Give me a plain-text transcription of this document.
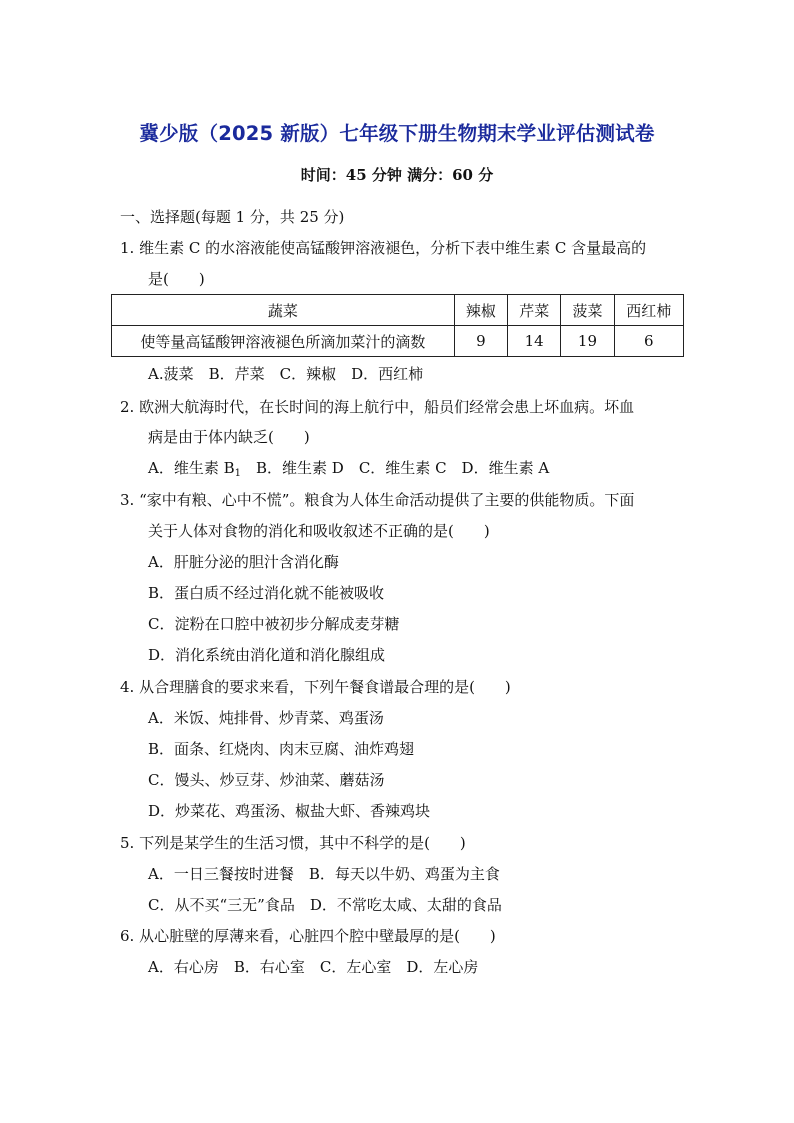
冀少版（2025 新版）七年级下册生物期末学业评估测试卷
时间：45 分钟 满分：60 分
一、选择题(每题 1 分，共 25 分)
1. 维生素 C 的水溶液能使高锰酸钾溶液褪色，分析下表中维生素 C 含量最高的
是(　　)
蔬菜	辣椒	芹菜	菠菜	西红柿
使等量高锰酸钾溶液褪色所滴加菜汁的滴数	9	14	19	6
A.菠菜　B．芹菜　C．辣椒　D．西红柿
2. 欧洲大航海时代，在长时间的海上航行中，船员们经常会患上坏血病。坏血
病是由于体内缺乏(　　)
A．维生素 $B_1$　B．维生素 D　C．维生素 C　D．维生素 A
3. “家中有粮、心中不慌”。粮食为人体生命活动提供了主要的供能物质。下面
关于人体对食物的消化和吸收叙述不正确的是(　　)
A．肝脏分泌的胆汁含消化酶
B．蛋白质不经过消化就不能被吸收
C．淀粉在口腔中被初步分解成麦芽糖
D．消化系统由消化道和消化腺组成
4. 从合理膳食的要求来看，下列午餐食谱最合理的是(　　)
A．米饭、炖排骨、炒青菜、鸡蛋汤
B．面条、红烧肉、肉末豆腐、油炸鸡翅
C．馒头、炒豆芽、炒油菜、蘑菇汤
D．炒菜花、鸡蛋汤、椒盐大虾、香辣鸡块
5. 下列是某学生的生活习惯，其中不科学的是(　　)
A．一日三餐按时进餐　B．每天以牛奶、鸡蛋为主食
C．从不买“三无”食品　D．不常吃太咸、太甜的食品
6. 从心脏壁的厚薄来看，心脏四个腔中壁最厚的是(　　)
A．右心房　B．右心室　C．左心室　D．左心房
